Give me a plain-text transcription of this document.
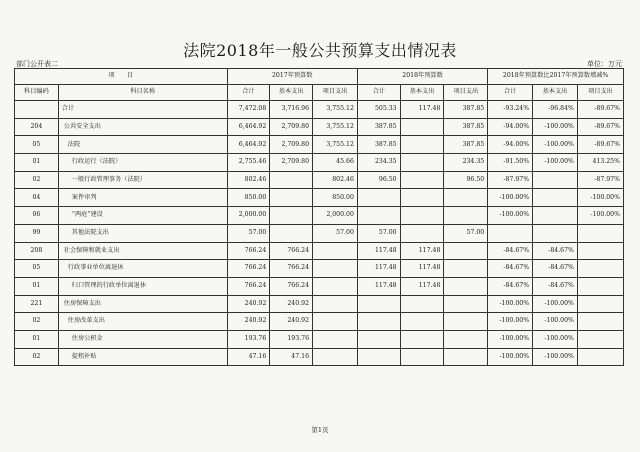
法院2018年一般公共预算支出情况表
部门公开表二	单位：万元
项　　目		2017年预算数			2018年预算数			2018年预算数比2017年预算数增减%		
科目编码	科目名称	合计	基本支出	项目支出	合计	基本支出	项目支出	合计	基本支出	项目支出
	合计	7,472.08	3,716.96	3,755.12	505.33	117.48	387.85	-93.24%	-96.84%	-89.67%
204	公共安全支出	6,464.92	2,709.80	3,755.12	387.85		387.85	-94.00%	-100.00%	-89.67%
05	法院	6,464.92	2,709.80	3,755.12	387.85		387.85	-94.00%	-100.00%	-89.67%
01	行政运行（法院）	2,755.46	2,709.80	45.66	234.35		234.35	-91.50%	-100.00%	413.25%
02	一般行政管理事务（法院）	802.46		802.46	96.50		96.50	-87.97%		-87.97%
04	案件审判	850.00		850.00				-100.00%		-100.00%
06	“两庭”建设	2,000.00		2,000.00				-100.00%		-100.00%
99	其他法院支出	57.00		57.00	57.00		57.00			
208	社会保障和就业支出	766.24	766.24		117.48	117.48		-84.67%	-84.67%	
05	行政事业单位离退休	766.24	766.24		117.48	117.48		-84.67%	-84.67%	
01	归口管理的行政单位离退休	766.24	766.24		117.48	117.48		-84.67%	-84.67%	
221	住房保障支出	240.92	240.92					-100.00%	-100.00%	
02	住房改革支出	240.92	240.92					-100.00%	-100.00%	
01	住房公积金	193.76	193.76					-100.00%	-100.00%	
02	提租补贴	47.16	47.16					-100.00%	-100.00%	
第1页
